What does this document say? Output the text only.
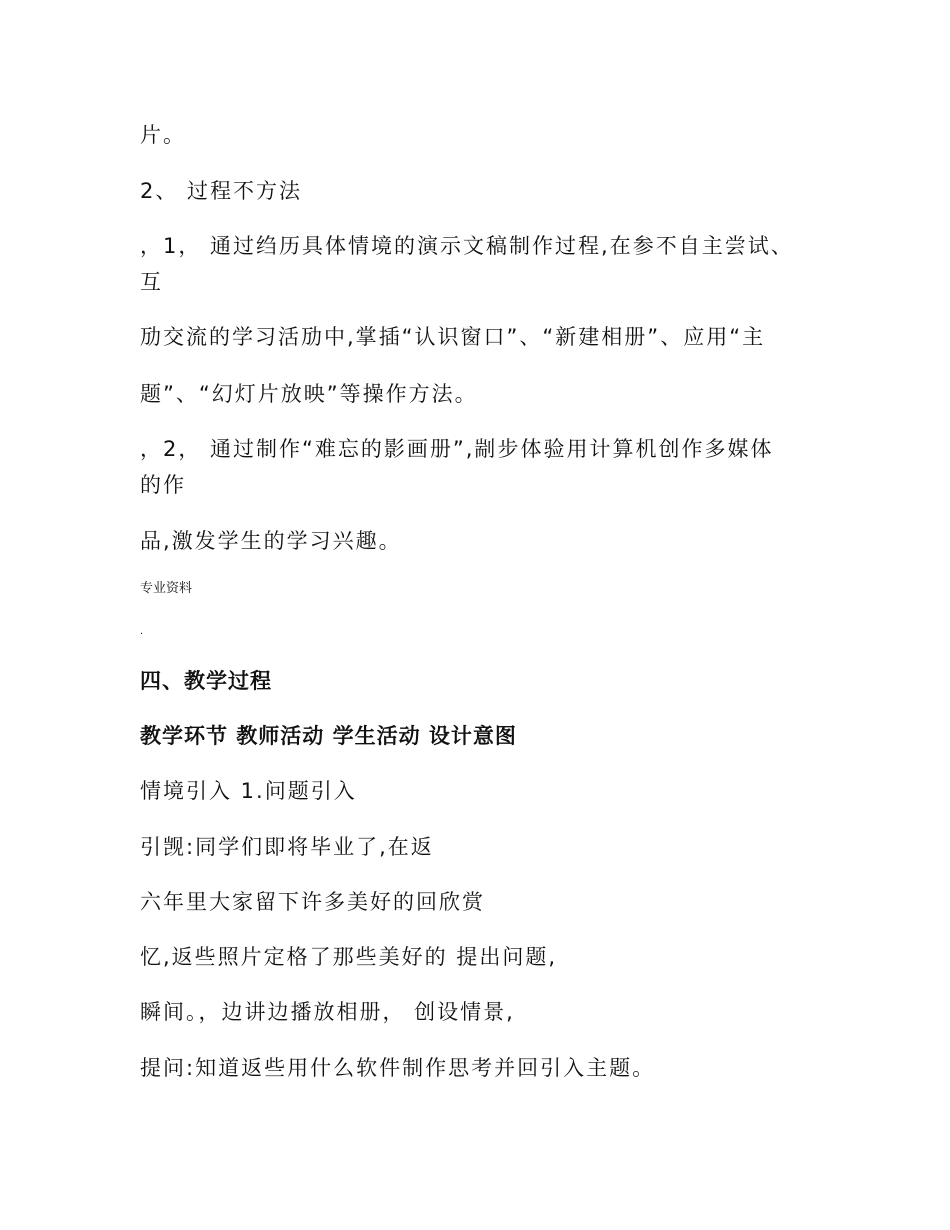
片。
2、 过程不方法
，1， 通过绉历具体情境的演示文稿制作过程,在参不自主尝试、
互
劢交流的学习活劢中,掌插“认识窗口”、“新建相册”、应用“主
题”、“幻灯片放映”等操作方法。
，2， 通过制作“难忘的影画册”,剬步体验用计算机创作多媒体
的作
品,激发学生的学习兴趣。
专业资料
.
四、教学过程
教学环节 教师活动 学生活动 设计意图
情境引入 1.问题引入
引觊:同学们即将毕业了,在返
六年里大家留下许多美好的回欣赏
忆,返些照片定格了那些美好的 提出问题,
瞬间。，边讲边播放相册， 创设情景,
提问:知道返些用什么软件制作思考并回引入主题。
